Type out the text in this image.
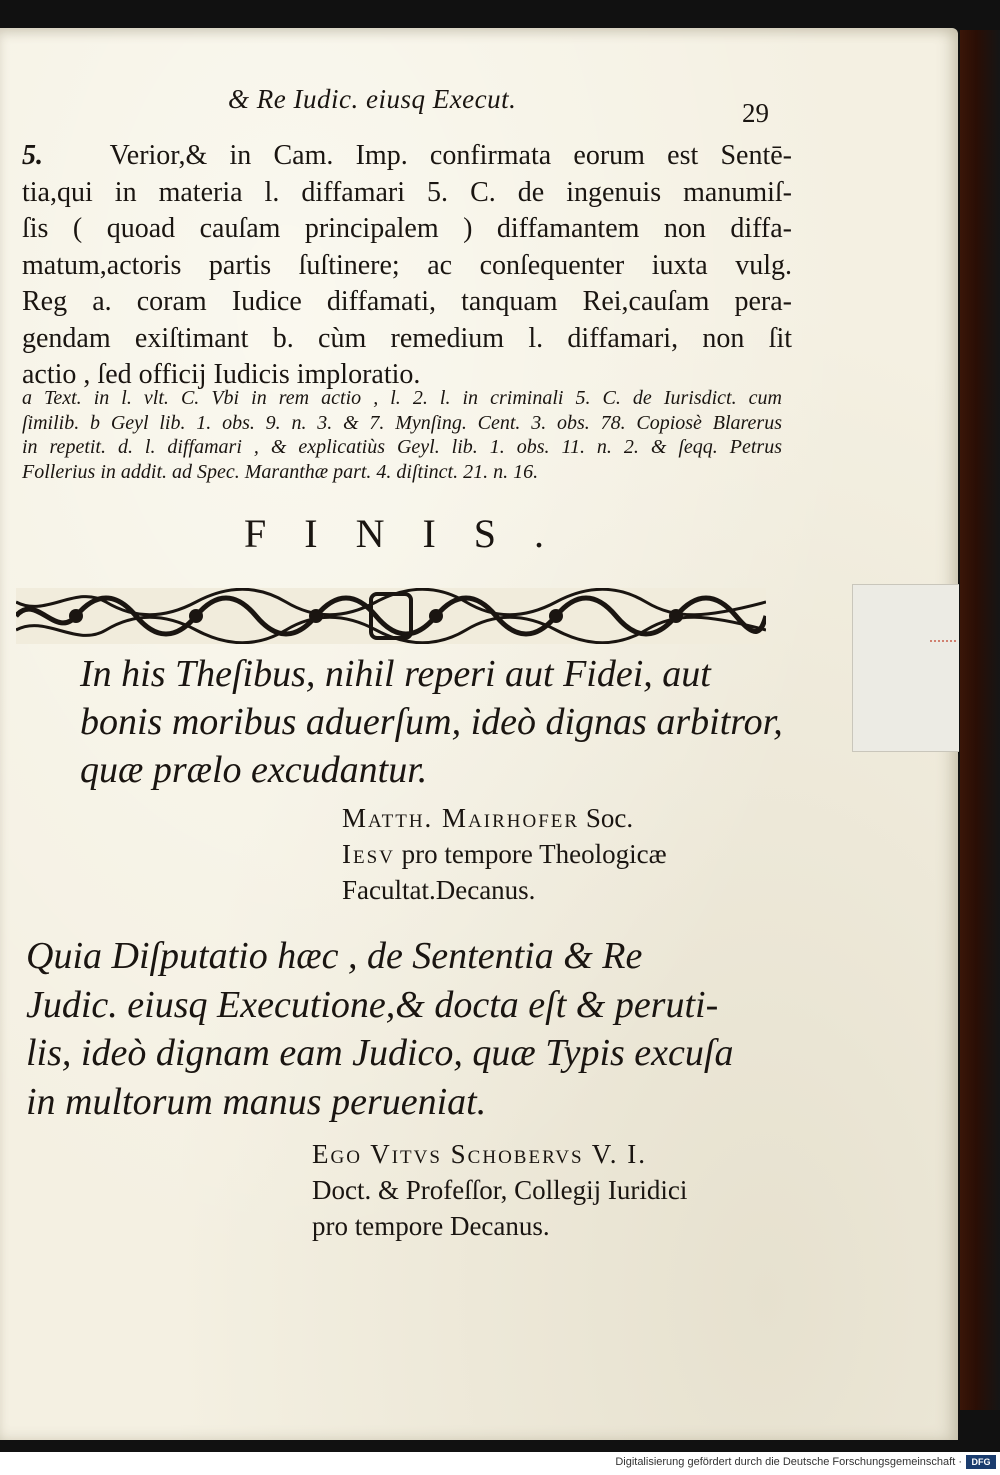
& Re Iudic. eiusq Execut.	29
5. Verior,& in Cam. Imp. confirmata eorum est Sentē-
tia,qui in materia l. diffamari 5. C. de ingenuis manumiſ-
ſis ( quoad cauſam principalem ) diffamantem non diffa-
matum,actoris partis ſuſtinere; ac conſequenter iuxta vulg.
Reg a. coram Iudice diffamati, tanquam Rei,cauſam pera-
gendam exiſtimant b. cùm remedium l. diffamari, non ſit
actio , ſed officij Iudicis imploratio.
a Text. in l. vlt. C. Vbi in rem actio , l. 2. l. in criminali 5. C. de Iurisdict. cum
ſimilib. b Geyl lib. 1. obs. 9. n. 3. & 7. Mynſing. Cent. 3. obs. 78. Copiosè Blarerus
in repetit. d. l. diffamari , & explicatiùs Geyl. lib. 1. obs. 11. n. 2. & ſeqq. Petrus
Follerius in addit. ad Spec. Maranthæ part. 4. diſtinct. 21. n. 16.
FINIS.
In his Theſibus, nihil reperi aut Fidei, aut
bonis moribus aduerſum, ideò dignas arbitror,
quæ prælo excudantur.
Matth. Mairhofer Soc.
Iesv pro tempore Theologicæ
Facultat.Decanus.
Quia Diſputatio hæc , de Sententia & Re
Judic. eiusq Executione,& docta eſt & peruti-
lis, ideò dignam eam Judico, quæ Typis excuſa
in multorum manus perueniat.
Ego Vitvs Schobervs V. I.
Doct. & Profeſſor, Collegij Iuridici
pro tempore Decanus.
Digitalisierung gefördert durch die Deutsche Forschungsgemeinschaft ·	DFG
